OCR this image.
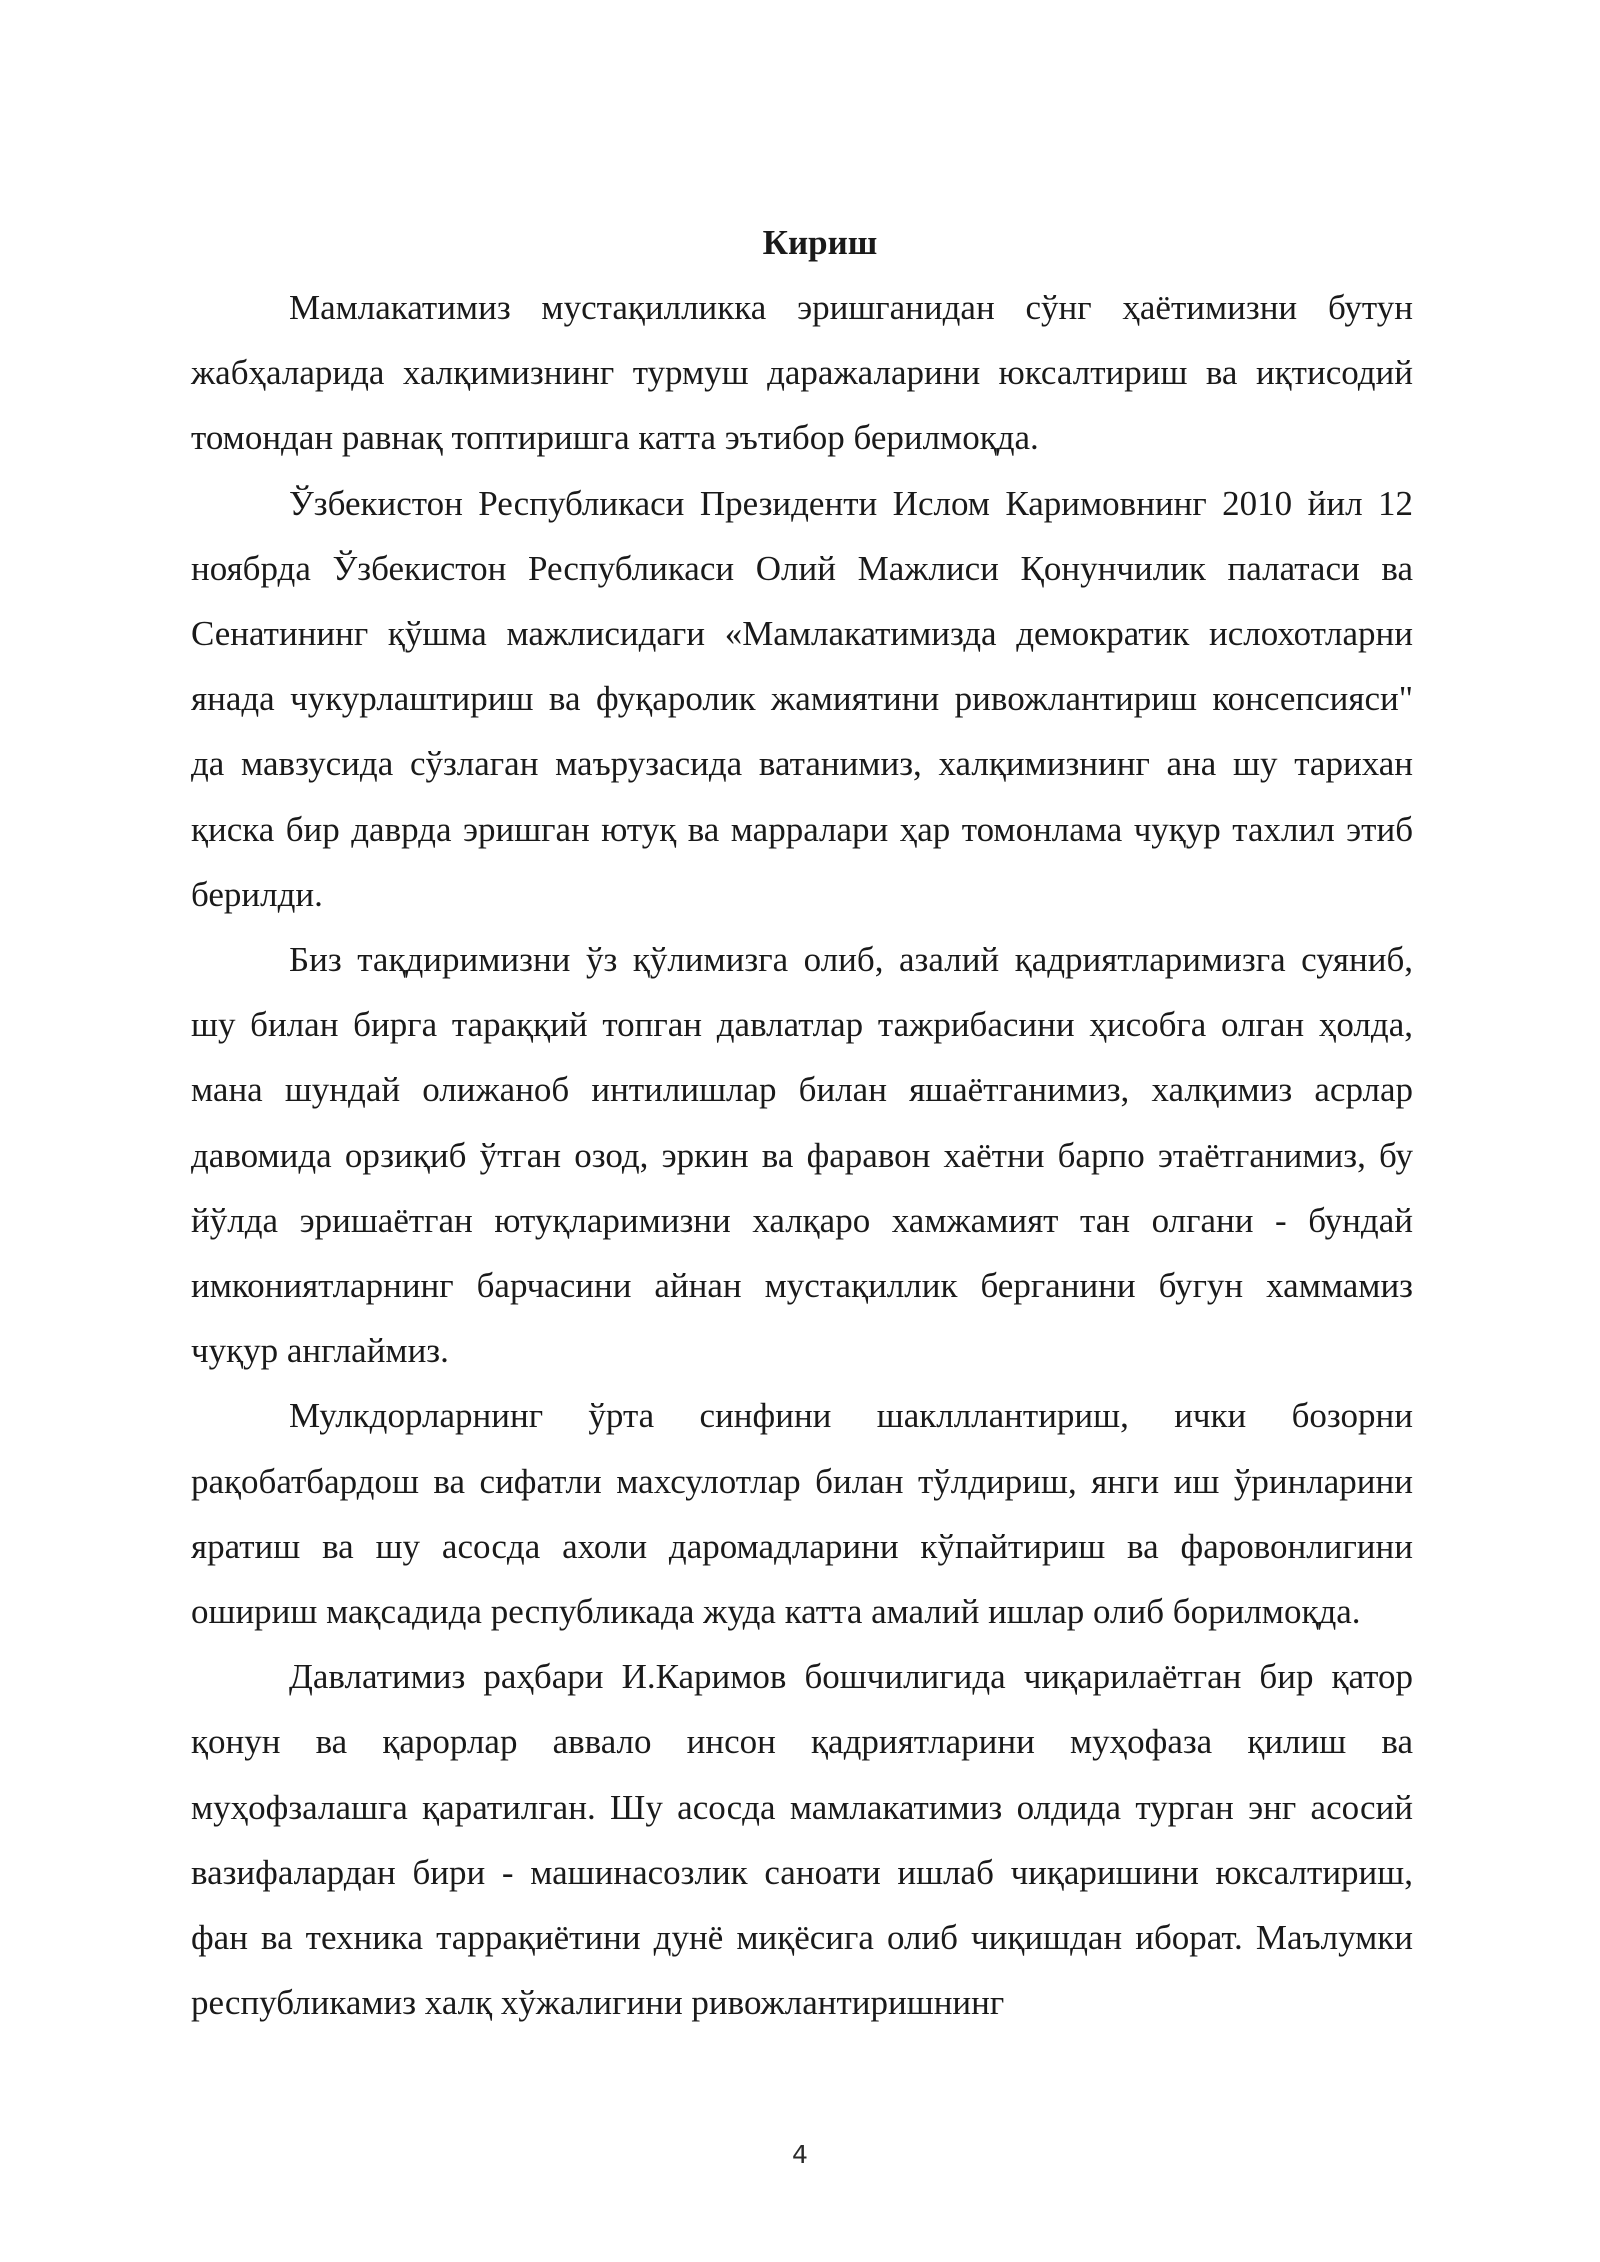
Кириш

Мамлакатимиз мустақилликка эришганидан сўнг ҳаётимизни бутун жабҳаларида халқимизнинг турмуш даражаларини юксалтириш ва иқтисодий томондан равнақ топтиришга катта эътибор берилмоқда.

Ўзбекистон Республикаси Президенти Ислом Каримовнинг 2010 йил 12 ноябрда Ўзбекистон Республикаси Олий Мажлиси Қонунчилик палатаси ва Сенатининг қўшма мажлисидаги «Мамлакатимизда демократик ислохотларни янада чукурлаштириш ва фуқаролик жамиятини ривожлантириш консепсияси" да мавзусида сўзлаган маърузасида ватанимиз, халқимизнинг ана шу тарихан қиска бир даврда эришган ютуқ ва марралари ҳар томонлама чуқур тахлил этиб берилди.

Биз тақдиримизни ўз қўлимизга олиб, азалий қадриятларимизга суяниб, шу билан бирга тараққий топган давлатлар тажрибасини ҳисобга олган ҳолда, мана шундай олижаноб интилишлар билан яшаётганимиз, халқимиз асрлар давомида орзиқиб ўтган озод, эркин ва фаравон хаётни барпо этаётганимиз, бу йўлда эришаётган ютуқларимизни халқаро хамжамият тан олгани - бундай имкониятларнинг барчасини айнан мустақиллик берганини бугун хаммамиз чуқур англаймиз.

Мулкдорларнинг ўрта синфини шаклллантириш, ички бозорни рақобатбардош ва сифатли махсулотлар билан тўлдириш, янги иш ўринларини яратиш ва шу асосда ахоли даромадларини кўпайтириш ва фаровонлигини ошириш мақсадида республикада жуда катта амалий ишлар олиб борилмоқда.

Давлатимиз раҳбари И.Каримов бошчилигида чиқарилаётган бир қатор қонун ва қарорлар аввало инсон қадриятларини муҳофаза қилиш ва муҳофзалашга қаратилган. Шу асосда мамлакатимиз олдида турган энг асосий вазифалардан бири - машинасозлик саноати ишлаб чиқаришини юксалтириш, фан ва техника таррақиётини дунё миқёсига олиб чиқишдан иборат. Маълумки республикамиз халқ хўжалигини ривожлантиришнинг

4
